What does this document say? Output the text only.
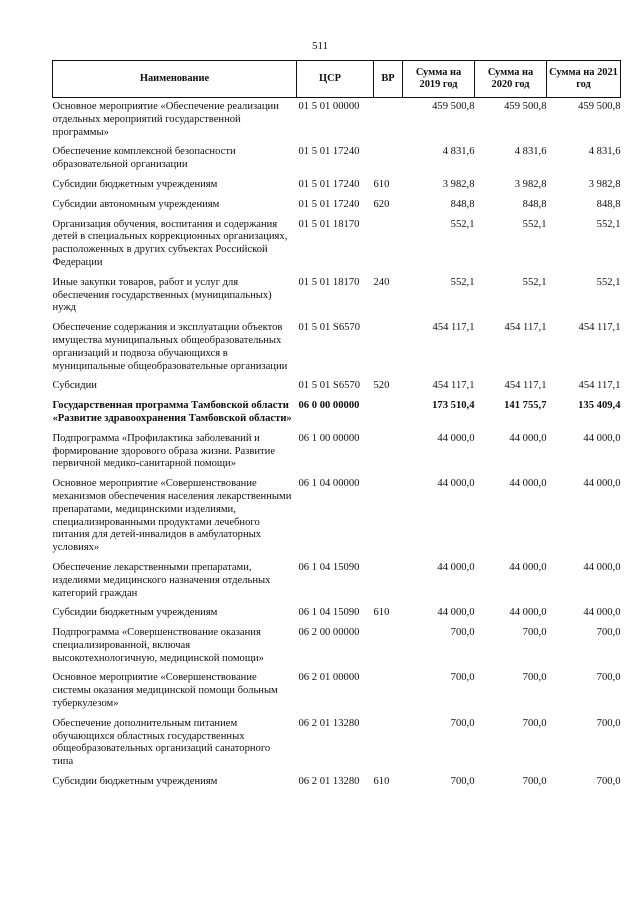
511
Наименование	ЦСР	ВР	Сумма на 2019 год	Сумма на 2020 год	Сумма на 2021 год
Основное мероприятие «Обеспечение реализации отдельных мероприятий государственной программы»	01 5 01 00000		459 500,8	459 500,8	459 500,8
Обеспечение комплексной безопасности образовательной организации	01 5 01 17240		4 831,6	4 831,6	4 831,6
Субсидии бюджетным учреждениям	01 5 01 17240	610	3 982,8	3 982,8	3 982,8
Субсидии автономным учреждениям	01 5 01 17240	620	848,8	848,8	848,8
Организация обучения, воспитания и содержания детей в специальных коррекционных организациях, расположенных в других субъектах Российской Федерации	01 5 01 18170		552,1	552,1	552,1
Иные закупки товаров, работ и услуг для обеспечения государственных (муниципальных) нужд	01 5 01 18170	240	552,1	552,1	552,1
Обеспечение содержания и эксплуатации объектов имущества муниципальных общеобразовательных организаций и подвоза обучающихся в муниципальные общеобразовательные организации	01 5 01 S6570		454 117,1	454 117,1	454 117,1
Субсидии	01 5 01 S6570	520	454 117,1	454 117,1	454 117,1
Государственная программа Тамбовской области «Развитие здравоохранения Тамбовской области»	06 0 00 00000		173 510,4	141 755,7	135 409,4
Подпрограмма «Профилактика заболеваний и формирование здорового образа жизни. Развитие первичной медико-санитарной помощи»	06 1 00 00000		44 000,0	44 000,0	44 000,0
Основное мероприятие «Совершенствование механизмов обеспечения населения лекарственными препаратами, медицинскими изделиями, специализированными продуктами лечебного питания для детей-инвалидов в амбулаторных условиях»	06 1 04 00000		44 000,0	44 000,0	44 000,0
Обеспечение лекарственными препаратами, изделиями медицинского назначения отдельных категорий граждан	06 1 04 15090		44 000,0	44 000,0	44 000,0
Субсидии бюджетным учреждениям	06 1 04 15090	610	44 000,0	44 000,0	44 000,0
Подпрограмма «Совершенствование оказания специализированной, включая высокотехнологичную, медицинской помощи»	06 2 00 00000		700,0	700,0	700,0
Основное мероприятие «Совершенствование системы оказания медицинской помощи больным туберкулезом»	06 2 01 00000		700,0	700,0	700,0
Обеспечение дополнительным питанием обучающихся областных государственных общеобразовательных организаций санаторного типа	06 2 01 13280		700,0	700,0	700,0
Субсидии бюджетным учреждениям	06 2 01 13280	610	700,0	700,0	700,0
